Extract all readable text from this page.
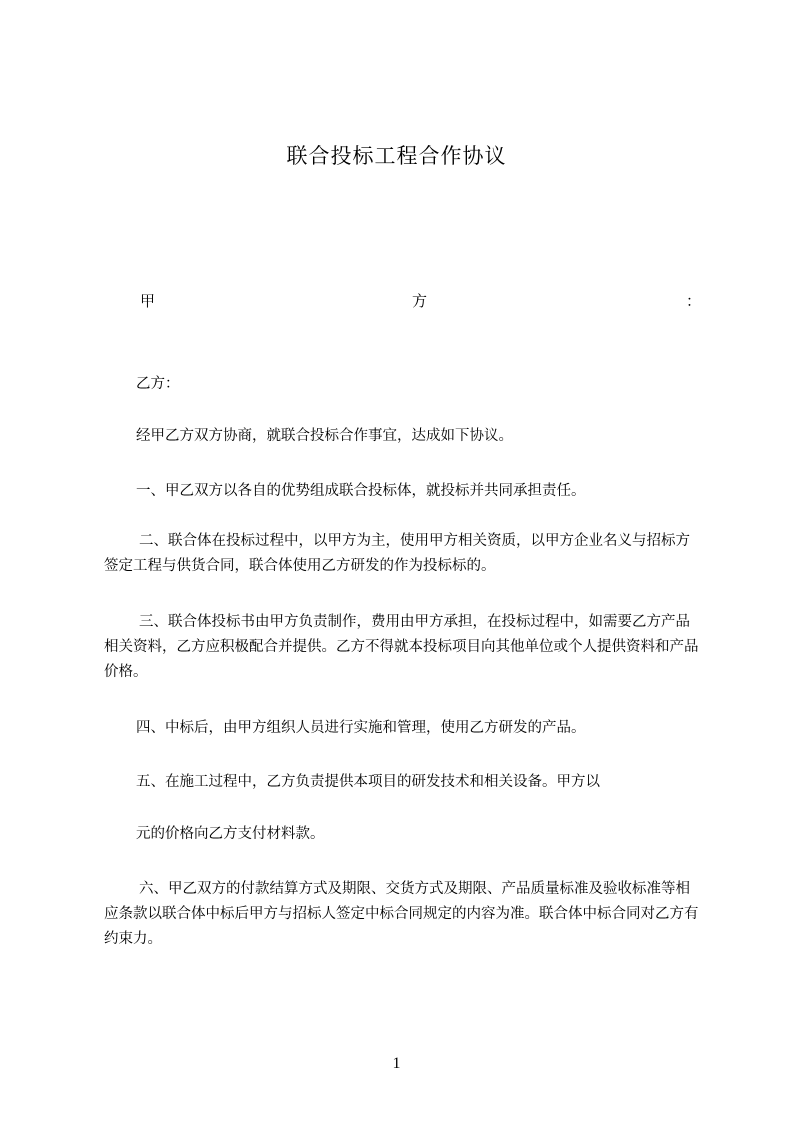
联合投标工程合作协议
甲	方	：

乙方：

经甲乙方双方协商，就联合投标合作事宜，达成如下协议。

一、甲乙双方以各自的优势组成联合投标体，就投标并共同承担责任。

二、联合体在投标过程中，以甲方为主，使用甲方相关资质，以甲方企业名义与招标方签定工程与供货合同，联合体使用乙方研发的作为投标标的。

三、联合体投标书由甲方负责制作，费用由甲方承担，在投标过程中，如需要乙方产品相关资料，乙方应积极配合并提供。乙方不得就本投标项目向其他单位或个人提供资料和产品价格。

四、中标后，由甲方组织人员进行实施和管理，使用乙方研发的产品。

五、在施工过程中，乙方负责提供本项目的研发技术和相关设备。甲方以

元的价格向乙方支付材料款。

六、甲乙双方的付款结算方式及期限、交货方式及期限、产品质量标准及验收标准等相应条款以联合体中标后甲方与招标人签定中标合同规定的内容为准。联合体中标合同对乙方有约束力。

1
